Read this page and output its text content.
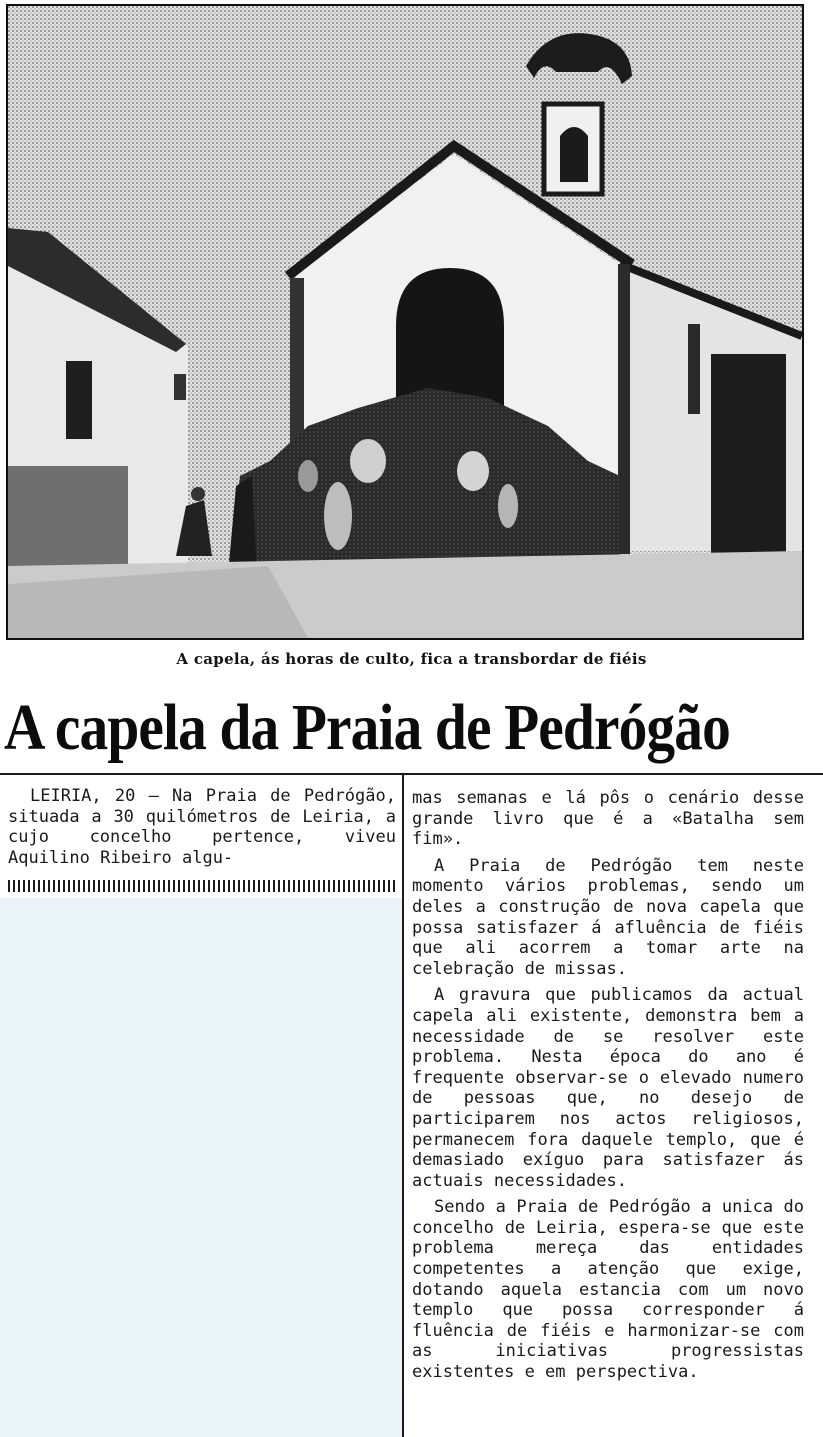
A capela, ás horas de culto, fica a transbordar de fiéis
A capela da Praia de Pedrógão

LEIRIA, 20 — Na Praia de Pedrógão, situada a 30 quilómetros de Leiria, a cujo concelho pertence, viveu Aquilino Ribeiro algu-

mas semanas e lá pôs o cenário desse grande livro que é a «Batalha sem fim».

A Praia de Pedrógão tem neste momento vários problemas, sendo um deles a construção de nova capela que possa satisfazer á afluência de fiéis que ali acorrem a tomar arte na celebração de missas.

A gravura que publicamos da actual capela ali existente, demonstra bem a necessidade de se resolver este problema. Nesta época do ano é frequente observar-se o elevado numero de pessoas que, no desejo de participarem nos actos religiosos, permanecem fora daquele templo, que é demasiado exíguo para satisfazer ás actuais necessidades.

Sendo a Praia de Pedrógão a unica do concelho de Leiria, espera-se que este problema mereça das entidades competentes a atenção que exige, dotando aquela estancia com um novo templo que possa corresponder á fluência de fiéis e harmonizar-se com as iniciativas progressistas existentes e em perspectiva.
